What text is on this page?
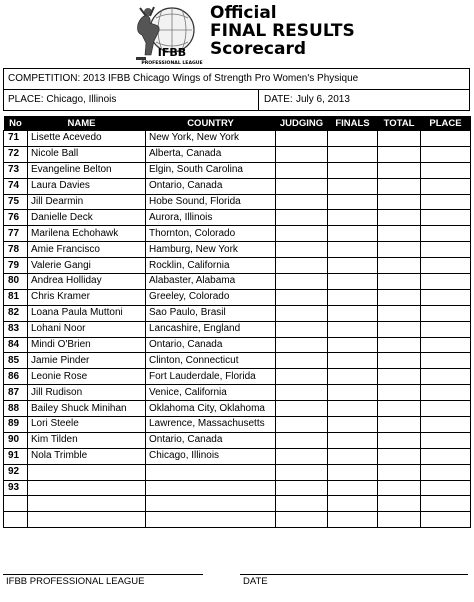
IFBB
PROFESSIONAL LEAGUE
Official
FINAL RESULTS
Scorecard
COMPETITION: 2013 IFBB Chicago Wings of Strength Pro Women's Physique
PLACE: Chicago, Illinois	DATE: July 6, 2013
No	NAME	COUNTRY	JUDGING	FINALS	TOTAL	PLACE
71	Lisette Acevedo	New York, New York				
72	Nicole Ball	Alberta, Canada				
73	Evangeline Belton	Elgin, South Carolina				
74	Laura Davies	Ontario, Canada				
75	Jill Dearmin	Hobe Sound, Florida				
76	Danielle Deck	Aurora, Illinois				
77	Marilena Echohawk	Thornton, Colorado				
78	Amie Francisco	Hamburg, New York				
79	Valerie Gangi	Rocklin, California				
80	Andrea Holliday	Alabaster, Alabama				
81	Chris Kramer	Greeley, Colorado				
82	Loana Paula Muttoni	Sao Paulo, Brasil				
83	Lohani Noor	Lancashire, England				
84	Mindi O'Brien	Ontario, Canada				
85	Jamie Pinder	Clinton, Connecticut				
86	Leonie Rose	Fort Lauderdale, Florida				
87	Jill Rudison	Venice, California				
88	Bailey Shuck Minihan	Oklahoma City, Oklahoma				
89	Lori Steele	Lawrence, Massachusetts				
90	Kim Tilden	Ontario, Canada				
91	Nola Trimble	Chicago, Illinois				
92						
93						

IFBB PROFESSIONAL LEAGUE	DATE
